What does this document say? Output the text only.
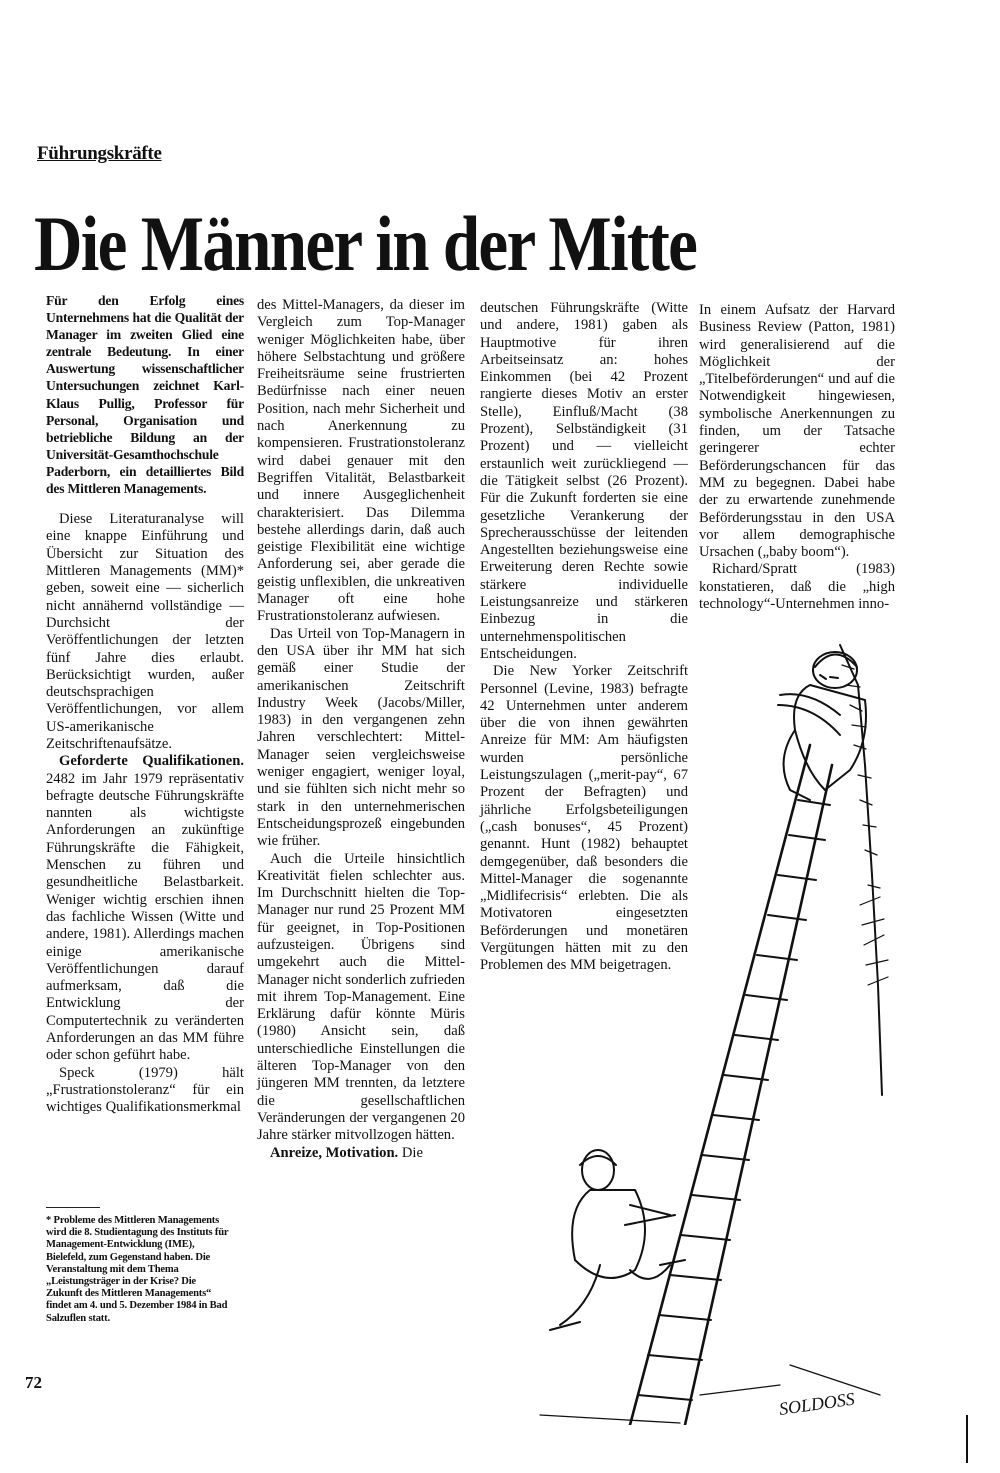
Führungskräfte
Die Männer in der Mitte

Für den Erfolg eines Unternehmens hat die Qualität der Manager im zweiten Glied eine zentrale Bedeutung. In einer Auswertung wissenschaftlicher Untersuchungen zeichnet Karl-Klaus Pullig, Professor für Personal, Organisation und betriebliche Bildung an der Universität-Gesamthochschule Paderborn, ein detailliertes Bild des Mittleren Managements.

Diese Literaturanalyse will eine knappe Einführung und Übersicht zur Situation des Mittleren Managements (MM)* geben, soweit eine — sicherlich nicht annähernd vollständige — Durchsicht der Veröffentlichungen der letzten fünf Jahre dies erlaubt. Berücksichtigt wurden, außer deutschsprachigen Veröffentlichungen, vor allem US-amerikanische Zeitschriftenaufsätze.

Geforderte Qualifikationen. 2482 im Jahr 1979 repräsentativ befragte deutsche Führungskräfte nannten als wichtigste Anforderungen an zukünftige Führungskräfte die Fähigkeit, Menschen zu führen und gesundheitliche Belastbarkeit. Weniger wichtig erschien ihnen das fachliche Wissen (Witte und andere, 1981). Allerdings machen einige amerikanische Veröffentlichungen darauf aufmerksam, daß die Entwicklung der Computertechnik zu veränderten Anforderungen an das MM führe oder schon geführt habe.

Speck (1979) hält „Frustrationstoleranz“ für ein wichtiges Qualifikationsmerkmal

* Probleme des Mittleren Managements wird die 8. Studientagung des Instituts für Management-Entwicklung (IME), Bielefeld, zum Gegenstand haben. Die Veranstaltung mit dem Thema „Leistungsträger in der Krise? Die Zukunft des Mittleren Managements“ findet am 4. und 5. Dezember 1984 in Bad Salzuflen statt.

des Mittel-Managers, da dieser im Vergleich zum Top-Manager weniger Möglichkeiten habe, über höhere Selbstachtung und größere Freiheitsräume seine frustrierten Bedürfnisse nach einer neuen Position, nach mehr Sicherheit und nach Anerkennung zu kompensieren. Frustrationstoleranz wird dabei genauer mit den Begriffen Vitalität, Belastbarkeit und innere Ausgeglichenheit charakterisiert. Das Dilemma bestehe allerdings darin, daß auch geistige Flexibilität eine wichtige Anforderung sei, aber gerade die geistig unflexiblen, die unkreativen Manager oft eine hohe Frustrationstoleranz aufwiesen.

Das Urteil von Top-Managern in den USA über ihr MM hat sich gemäß einer Studie der amerikanischen Zeitschrift Industry Week (Jacobs/Miller, 1983) in den vergangenen zehn Jahren verschlechtert: Mittel-Manager seien vergleichsweise weniger engagiert, weniger loyal, und sie fühlten sich nicht mehr so stark in den unternehmerischen Entscheidungsprozeß eingebunden wie früher.

Auch die Urteile hinsichtlich Kreativität fielen schlechter aus. Im Durchschnitt hielten die Top-Manager nur rund 25 Prozent MM für geeignet, in Top-Positionen aufzusteigen. Übrigens sind umgekehrt auch die Mittel-Manager nicht sonderlich zufrieden mit ihrem Top-Management. Eine Erklärung dafür könnte Müris (1980) Ansicht sein, daß unterschiedliche Einstellungen die älteren Top-Manager von den jüngeren MM trennten, da letztere die gesellschaftlichen Veränderungen der vergangenen 20 Jahre stärker mitvollzogen hätten.

Anreize, Motivation. Die

deutschen Führungskräfte (Witte und andere, 1981) gaben als Hauptmotive für ihren Arbeitseinsatz an: hohes Einkommen (bei 42 Prozent rangierte dieses Motiv an erster Stelle), Einfluß/Macht (38 Prozent), Selbständigkeit (31 Prozent) und — vielleicht erstaunlich weit zurückliegend — die Tätigkeit selbst (26 Prozent). Für die Zukunft forderten sie eine gesetzliche Verankerung der Sprecherausschüsse der leitenden Angestellten beziehungsweise eine Erweiterung deren Rechte sowie stärkere individuelle Leistungsanreize und stärkeren Einbezug in die unternehmenspolitischen Entscheidungen.

Die New Yorker Zeitschrift Personnel (Levine, 1983) befragte 42 Unternehmen unter anderem über die von ihnen gewährten Anreize für MM: Am häufigsten wurden persönliche Leistungszulagen („merit-pay“, 67 Prozent der Befragten) und jährliche Erfolgsbeteiligungen („cash bonuses“, 45 Prozent) genannt. Hunt (1982) behauptet demgegenüber, daß besonders die Mittel-Manager die sogenannte „Midlifecrisis“ erlebten. Die als Motivatoren eingesetzten Beförderungen und monetären Vergütungen hätten mit zu den Problemen des MM beigetragen.

In einem Aufsatz der Harvard Business Review (Patton, 1981) wird generalisierend auf die Möglichkeit der „Titelbeförderungen“ und auf die Notwendigkeit hingewiesen, symbolische Anerkennungen zu finden, um der Tatsache geringerer echter Beförderungschancen für das MM zu begegnen. Dabei habe der zu erwartende zunehmende Beförderungsstau in den USA vor allem demographische Ursachen („baby boom“).

Richard/Spratt (1983) konstatieren, daß die „high technology“-Unternehmen inno-

SOLDOSS
72
